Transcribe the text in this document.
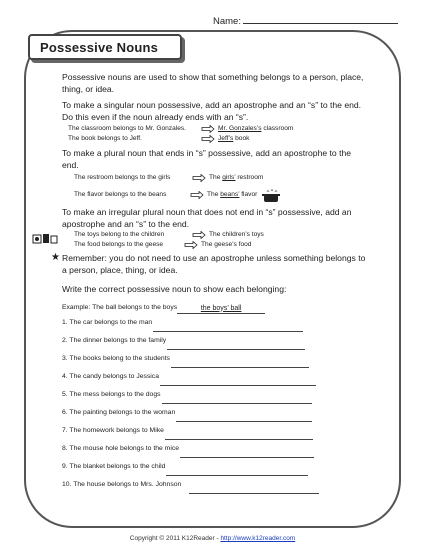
Name:
Possessive Nouns

Possessive nouns are used to show that something belongs to a person, place, thing, or idea.

To make a singular noun possessive, add an apostrophe and an “s” to the end. Do this even if the noun already ends with an “s”.

The classroom belongs to Mr. Gonzales.	Mr. Gonzales’s classroom
The book belongs to Jeff.	Jeff’s book

To make a plural noun that ends in “s” possessive, add an apostrophe to the end.

The restroom belongs to the girls	The girls’ restroom
The flavor belongs to the beans	The beans’ flavor

To make an irregular plural noun that does not end in “s” possessive, add an apostrophe and an “s” to the end.

The toys belong to the children	The children’s toys
The food belongs to the geese	The geese’s food

★ Remember: you do not need to use an apostrophe unless something belongs to a person, place, thing, or idea.

Write the correct possessive noun to show each belonging:

Example: The ball belongs to the boys	the boys’ ball
1. The car belongs to the man
2. The dinner belongs to the family
3. The books belong to the students
4. The candy belongs to Jessica
5. The mess belongs to the dogs
6. The painting belongs to the woman
7. The homework belongs to Mike
8. The mouse hole belongs to the mice
9. The blanket belongs to the child
10. The house belongs to Mrs. Johnson
Copyright © 2011 K12Reader - http://www.k12reader.com
